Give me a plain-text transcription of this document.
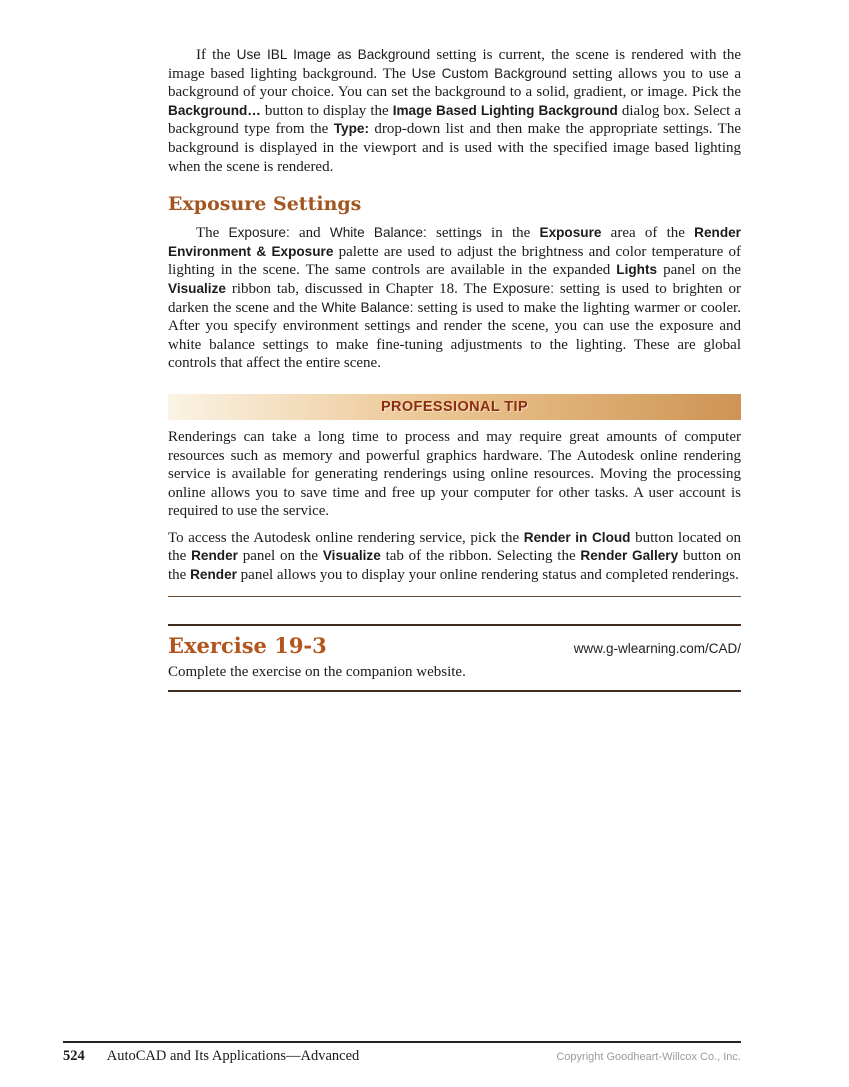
If the Use IBL Image as Background setting is current, the scene is rendered with the image based lighting background. The Use Custom Background setting allows you to use a background of your choice. You can set the background to a solid, gradient, or image. Pick the Background… button to display the Image Based Lighting Background dialog box. Select a background type from the Type: drop-down list and then make the appropriate settings. The background is displayed in the viewport and is used with the specified image based lighting when the scene is rendered.

Exposure Settings

The Exposure: and White Balance: settings in the Exposure area of the Render Environment & Exposure palette are used to adjust the brightness and color temperature of lighting in the scene. The same controls are available in the expanded Lights panel on the Visualize ribbon tab, discussed in Chapter 18. The Exposure: setting is used to brighten or darken the scene and the White Balance: setting is used to make the lighting warmer or cooler. After you specify environment settings and render the scene, you can use the exposure and white balance settings to make fine-tuning adjustments to the lighting. These are global controls that affect the entire scene.

PROFESSIONAL TIP

Renderings can take a long time to process and may require great amounts of computer resources such as memory and powerful graphics hardware. The Autodesk online rendering service is available for generating renderings using online resources. Moving the processing online allows you to save time and free up your computer for other tasks. A user account is required to use the service.

To access the Autodesk online rendering service, pick the Render in Cloud button located on the Render panel on the Visualize tab of the ribbon. Selecting the Render Gallery button on the Render panel allows you to display your online rendering status and completed renderings.

Exercise 19-3	www.g-wlearning.com/CAD/

Complete the exercise on the companion website.

524 AutoCAD and Its Applications—Advanced	Copyright Goodheart-Willcox Co., Inc.
